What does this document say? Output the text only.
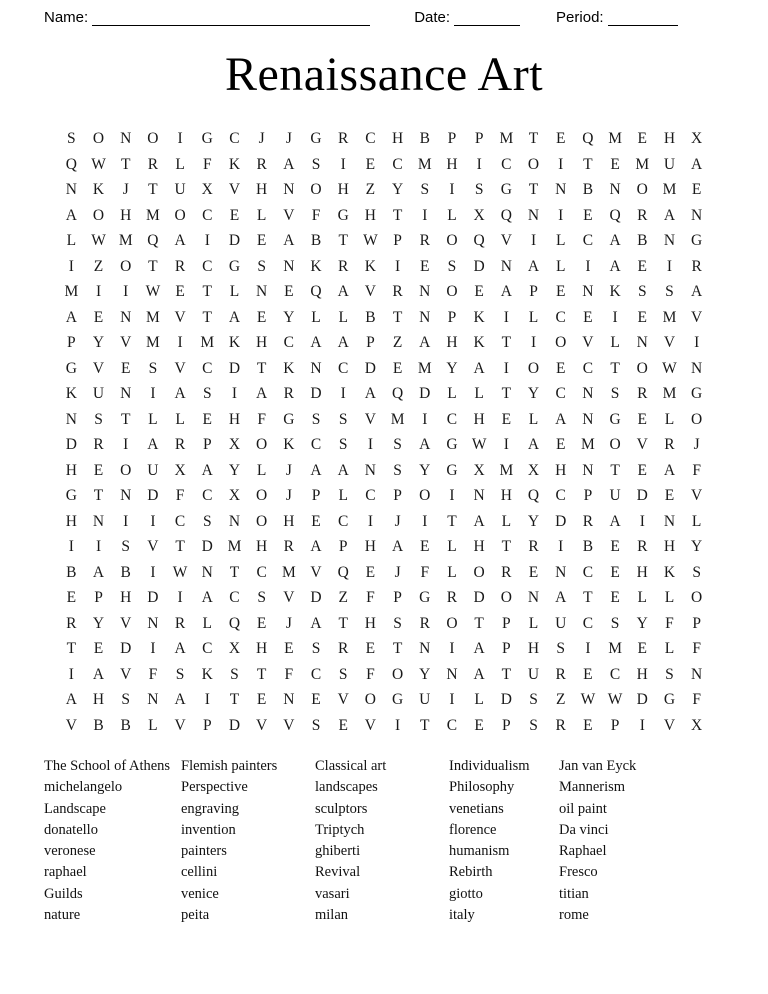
Name:	Date:	Period:
Renaissance Art
S	O	N	O	I	G	C	J	J	G	R	C	H	B	P	P	M	T	E	Q	M	E	H	X
Q	W	T	R	L	F	K	R	A	S	I	E	C	M	H	I	C	O	I	T	E	M	U	A
N	K	J	T	U	X	V	H	N	O	H	Z	Y	S	I	S	G	T	N	B	N	O	M	E
A	O	H	M	O	C	E	L	V	F	G	H	T	I	L	X	Q	N	I	E	Q	R	A	N
L	W	M	Q	A	I	D	E	A	B	T	W	P	R	O	Q	V	I	L	C	A	B	N	G
I	Z	O	T	R	C	G	S	N	K	R	K	I	E	S	D	N	A	L	I	A	E	I	R
M	I	I	W	E	T	L	N	E	Q	A	V	R	N	O	E	A	P	E	N	K	S	S	A
A	E	N	M	V	T	A	E	Y	L	L	B	T	N	P	K	I	L	C	E	I	E	M	V
P	Y	V	M	I	M	K	H	C	A	A	P	Z	A	H	K	T	I	O	V	L	N	V	I
G	V	E	S	V	C	D	T	K	N	C	D	E	M	Y	A	I	O	E	C	T	O	W	N
K	U	N	I	A	S	I	A	R	D	I	A	Q	D	L	L	T	Y	C	N	S	R	M	G
N	S	T	L	L	E	H	F	G	S	S	V	M	I	C	H	E	L	A	N	G	E	L	O
D	R	I	A	R	P	X	O	K	C	S	I	S	A	G	W	I	A	E	M	O	V	R	J
H	E	O	U	X	A	Y	L	J	A	A	N	S	Y	G	X	M	X	H	N	T	E	A	F
G	T	N	D	F	C	X	O	J	P	L	C	P	O	I	N	H	Q	C	P	U	D	E	V
H	N	I	I	C	S	N	O	H	E	C	I	J	I	T	A	L	Y	D	R	A	I	N	L
I	I	S	V	T	D	M	H	R	A	P	H	A	E	L	H	T	R	I	B	E	R	H	Y
B	A	B	I	W	N	T	C	M	V	Q	E	J	F	L	O	R	E	N	C	E	H	K	S
E	P	H	D	I	A	C	S	V	D	Z	F	P	G	R	D	O	N	A	T	E	L	L	O
R	Y	V	N	R	L	Q	E	J	A	T	H	S	R	O	T	P	L	U	C	S	Y	F	P
T	E	D	I	A	C	X	H	E	S	R	E	T	N	I	A	P	H	S	I	M	E	L	F
I	A	V	F	S	K	S	T	F	C	S	F	O	Y	N	A	T	U	R	E	C	H	S	N
A	H	S	N	A	I	T	E	N	E	V	O	G	U	I	L	D	S	Z	W	W	D	G	F
V	B	B	L	V	P	D	V	V	S	E	V	I	T	C	E	P	S	R	E	P	I	V	X
The School of Athens
michelangelo
Landscape
donatello
veronese
raphael
Guilds
nature
Flemish painters
Perspective
engraving
invention
painters
cellini
venice
peita
Classical art
landscapes
sculptors
Triptych
ghiberti
Revival
vasari
milan
Individualism
Philosophy
venetians
florence
humanism
Rebirth
giotto
italy
Jan van Eyck
Mannerism
oil paint
Da vinci
Raphael
Fresco
titian
rome
